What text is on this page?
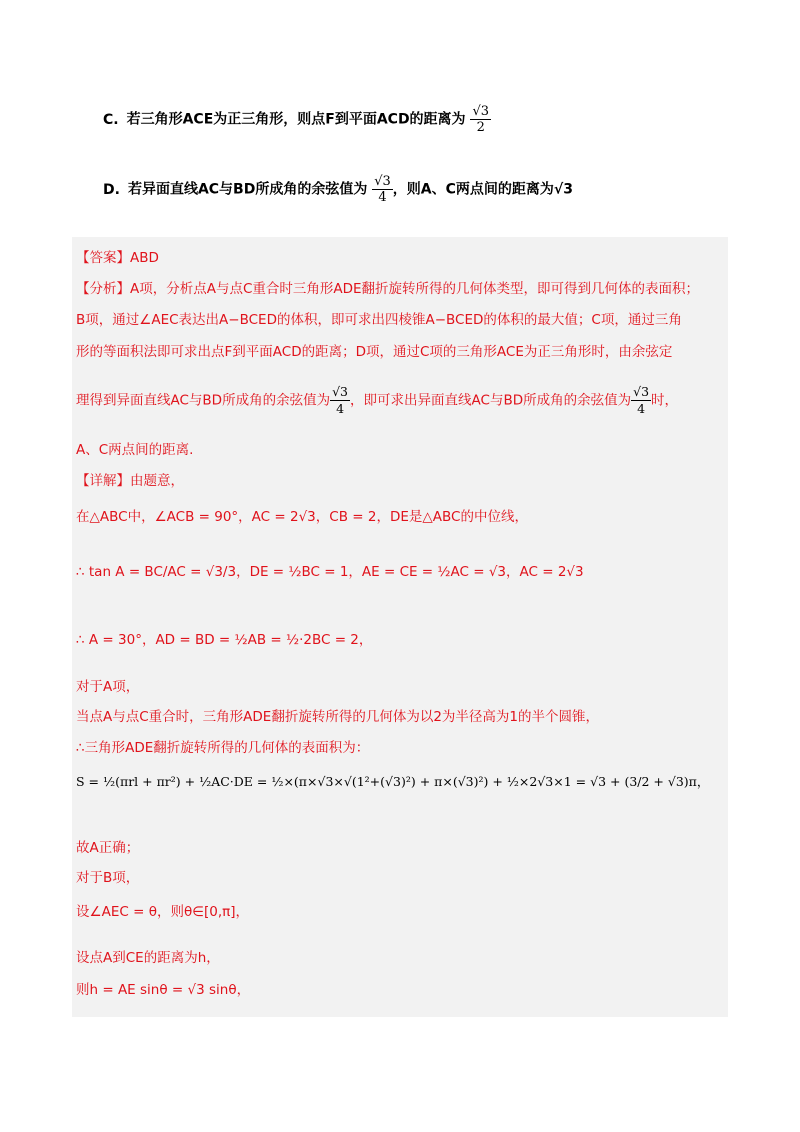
C. 若三角形ACE为正三角形，则点F到平面ACD的距离为 $\frac{√3}{2}$
D. 若异面直线AC与BD所成角的余弦值为 $\frac{√3}{4}$ ，则A、C两点间的距离为√3
【答案】ABD
【分析】A项，分析点A与点C重合时三角形ADE翻折旋转所得的几何体类型，即可得到几何体的表面积；
B项，通过∠AEC表达出A−BCED的体积，即可求出四棱锥A−BCED的体积的最大值；C项，通过三角
形的等面积法即可求出点F到平面ACD的距离；D项，通过C项的三角形ACE为正三角形时，由余弦定
理得到异面直线AC与BD所成角的余弦值为 $\frac{√3}{4}$ ，即可求出异面直线AC与BD所成角的余弦值为 $\frac{√3}{4}$ 时，
A、C两点间的距离.
【详解】由题意，
在△ABC中，∠ACB = 90°，AC = 2√3，CB = 2，DE是△ABC的中位线，
∴ tan A = BC/AC = √3/3，DE = ½BC = 1，AE = CE = ½AC = √3，AC = 2√3
∴ A = 30°，AD = BD = ½AB = ½·2BC = 2，
对于A项，
当点A与点C重合时，三角形ADE翻折旋转所得的几何体为以2为半径高为1的半个圆锥，
∴三角形ADE翻折旋转所得的几何体的表面积为：
S = ½(πrl + πr²) + ½AC·DE = ½×(π×√3×√(1²+(√3)²) + π×(√3)²) + ½×2√3×1 = √3 + (3/2 + √3)π，
故A正确；
对于B项，
设∠AEC = θ，则θ∈[0,π]，
设点A到CE的距离为h，
则h = AE sinθ = √3 sinθ，
